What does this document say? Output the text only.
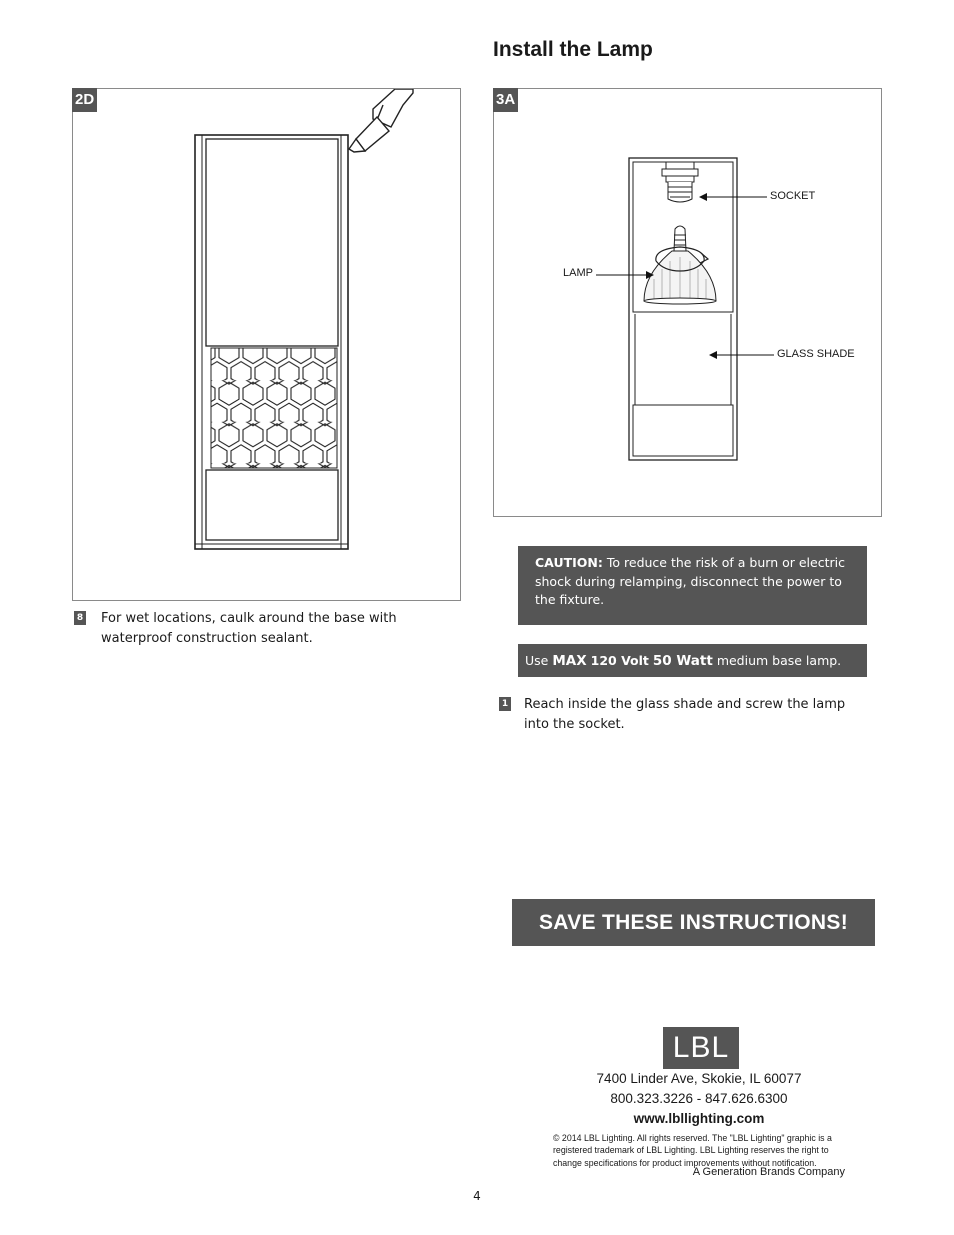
Install the Lamp
2D
8 For wet locations, caulk around the base with waterproof construction sealant.
3A
SOCKET
LAMP
GLASS SHADE
CAUTION: To reduce the risk of a burn or electric shock during relamping, disconnect the power to the fixture.
Use MAX 120 Volt 50 Watt medium base lamp.
1 Reach inside the glass shade and screw the lamp into the socket.
SAVE THESE INSTRUCTIONS!
LBL
7400 Linder Ave, Skokie, IL 60077
800.323.3226 - 847.626.6300
www.lbllighting.com
© 2014 LBL Lighting. All rights reserved. The "LBL Lighting" graphic is a registered trademark of LBL Lighting. LBL Lighting reserves the right to change specifications for product improvements without notification.
A Generation Brands Company
4
